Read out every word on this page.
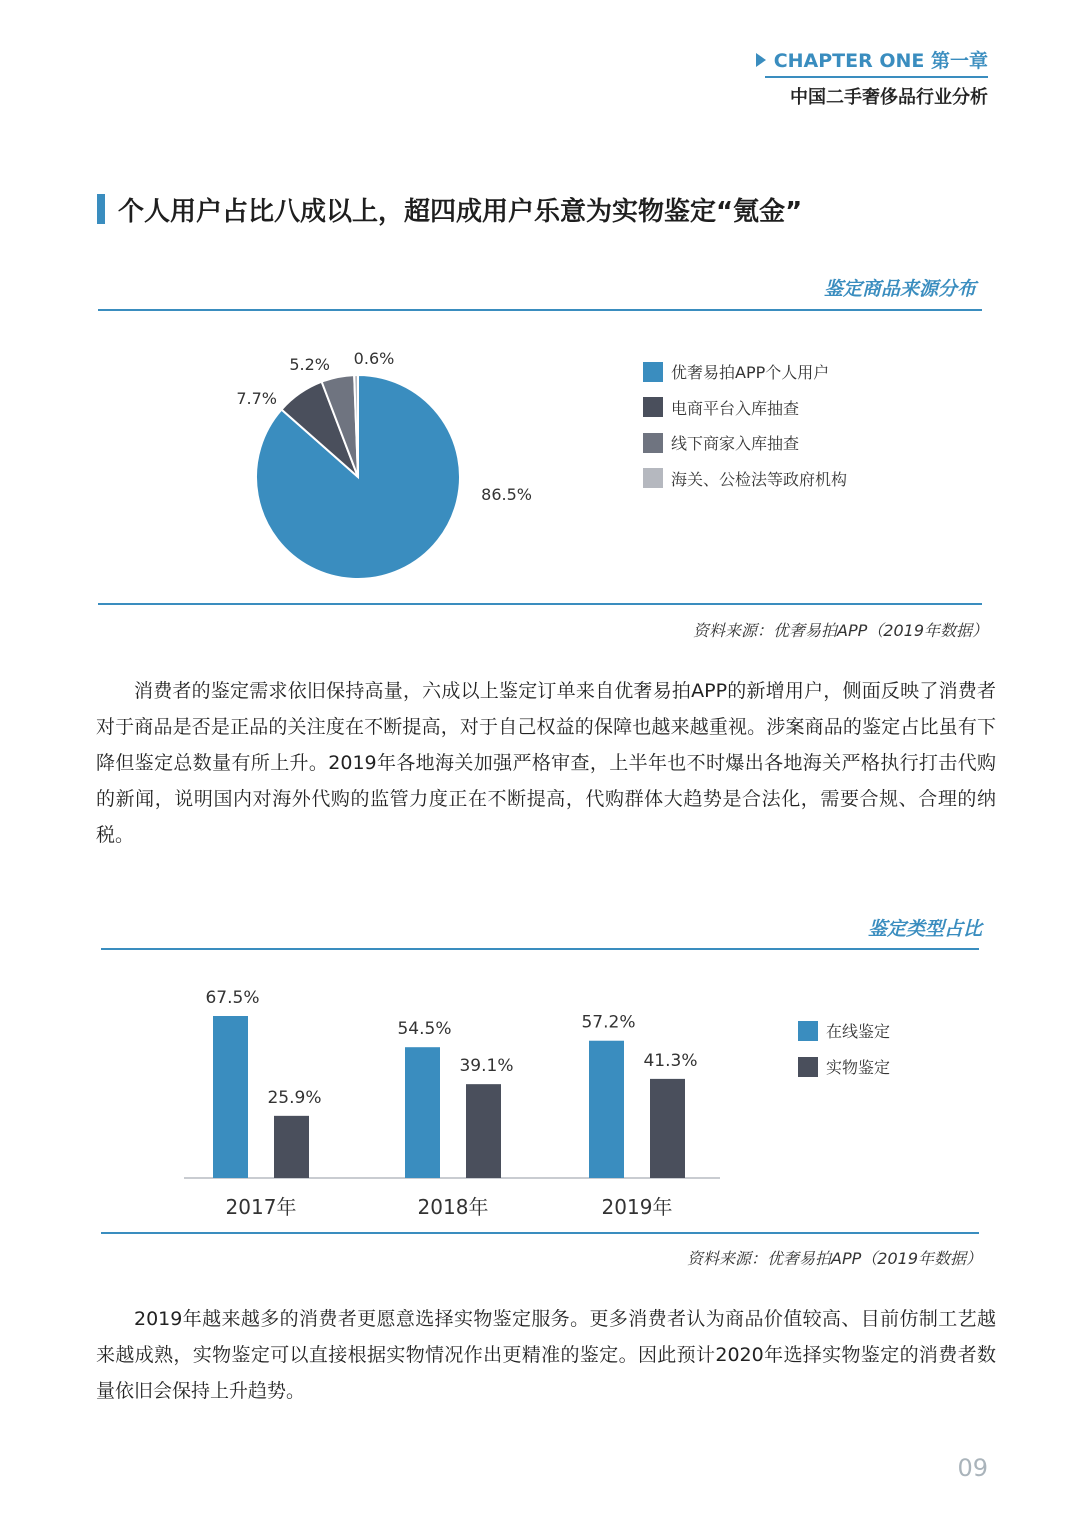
CHAPTER ONE 第一章
中国二手奢侈品行业分析
个人用户占比八成以上，超四成用户乐意为实物鉴定“氪金”
鉴定商品来源分布
86.5%
7.7%
5.2% 0.6%
优奢易拍APP个人用户
电商平台入库抽查
线下商家入库抽查
海关、公检法等政府机构
资料来源：优奢易拍APP（2019年数据）
消费者的鉴定需求依旧保持高量，六成以上鉴定订单来自优奢易拍APP的新增用户，侧面反映了消费者对于商品是否是正品的关注度在不断提高，对于自己权益的保障也越来越重视。涉案商品的鉴定占比虽有下降但鉴定总数量有所上升。2019年各地海关加强严格审查，上半年也不时爆出各地海关严格执行打击代购的新闻，说明国内对海外代购的监管力度正在不断提高，代购群体大趋势是合法化，需要合规、合理的纳税。
鉴定类型占比
67.5%
25.9%
2017年
54.5%
39.1%
2018年
57.2%
41.3%
2019年
在线鉴定
实物鉴定
资料来源：优奢易拍APP（2019年数据）
2019年越来越多的消费者更愿意选择实物鉴定服务。更多消费者认为商品价值较高、目前仿制工艺越来越成熟，实物鉴定可以直接根据实物情况作出更精准的鉴定。因此预计2020年选择实物鉴定的消费者数量依旧会保持上升趋势。
09
